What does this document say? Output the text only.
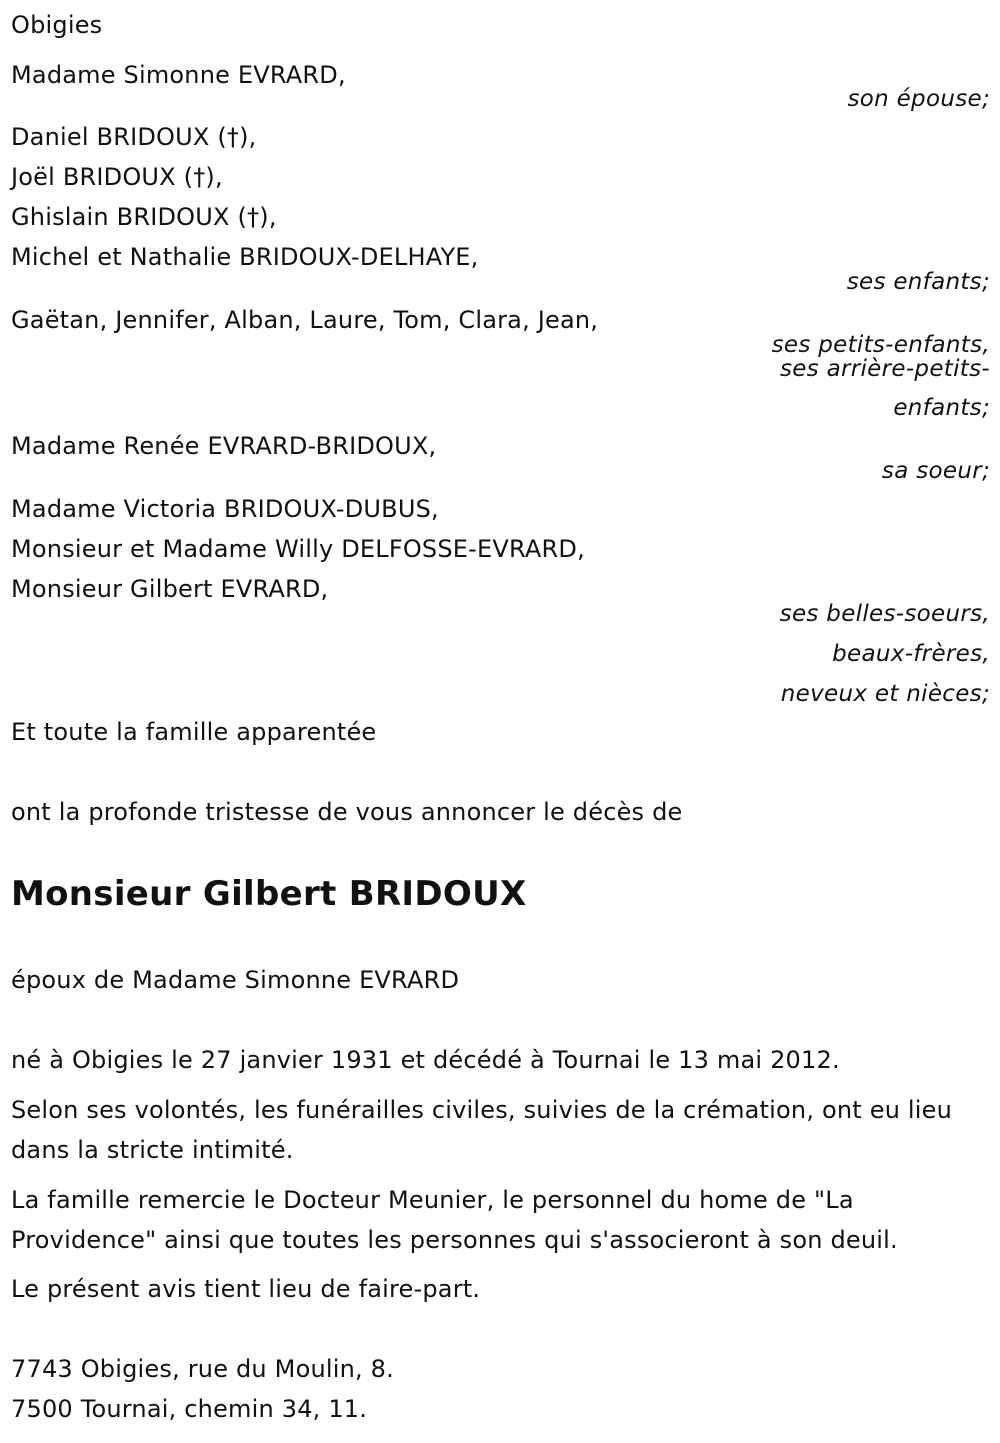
Obigies
Madame Simonne EVRARD,
son épouse;
Daniel BRIDOUX (†),
Joël BRIDOUX (†),
Ghislain BRIDOUX (†),
Michel et Nathalie BRIDOUX-DELHAYE,
ses enfants;
Gaëtan, Jennifer, Alban, Laure, Tom, Clara, Jean,
ses petits-enfants,
ses arrière-petits-
enfants;
Madame Renée EVRARD-BRIDOUX,
sa soeur;
Madame Victoria BRIDOUX-DUBUS,
Monsieur et Madame Willy DELFOSSE-EVRARD,
Monsieur Gilbert EVRARD,
ses belles-soeurs,
beaux-frères,
neveux et nièces;
Et toute la famille apparentée
ont la profonde tristesse de vous annoncer le décès de
Monsieur Gilbert BRIDOUX
époux de Madame Simonne EVRARD
né à Obigies le 27 janvier 1931 et décédé à Tournai le 13 mai 2012.
Selon ses volontés, les funérailles civiles, suivies de la crémation, ont eu lieu dans la stricte intimité.
La famille remercie le Docteur Meunier, le personnel du home de "La Providence" ainsi que toutes les personnes qui s'associeront à son deuil.
Le présent avis tient lieu de faire-part.
7743 Obigies, rue du Moulin, 8.
7500 Tournai, chemin 34, 11.
